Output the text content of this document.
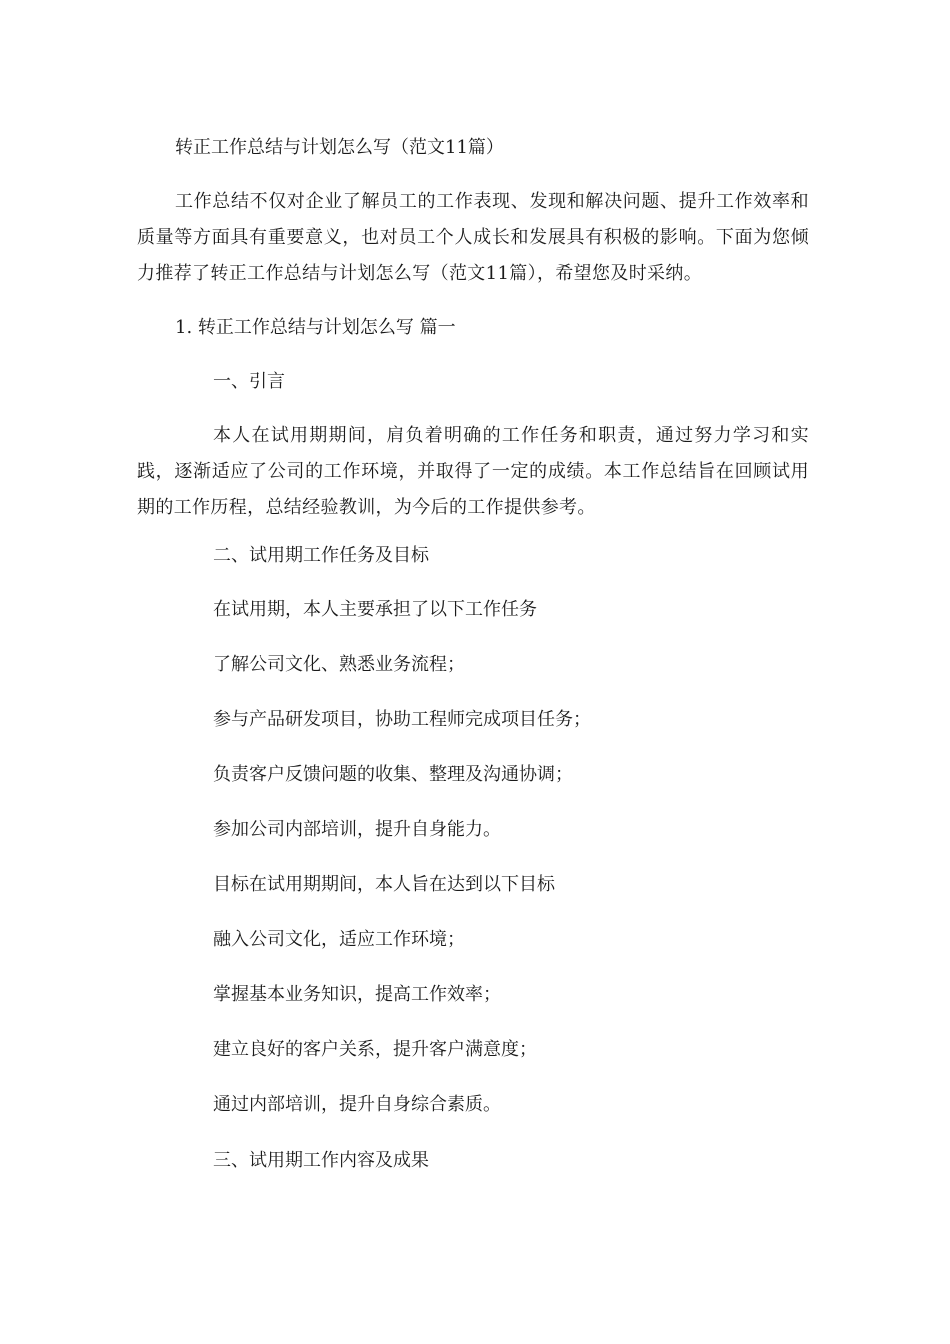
转正工作总结与计划怎么写（范文11篇）

工作总结不仅对企业了解员工的工作表现、发现和解决问题、提升工作效率和质量等方面具有重要意义，也对员工个人成长和发展具有积极的影响。下面为您倾力推荐了转正工作总结与计划怎么写（范文11篇），希望您及时采纳。

1. 转正工作总结与计划怎么写 篇一

一、引言

本人在试用期期间，肩负着明确的工作任务和职责，通过努力学习和实践，逐渐适应了公司的工作环境，并取得了一定的成绩。本工作总结旨在回顾试用期的工作历程，总结经验教训，为今后的工作提供参考。

二、试用期工作任务及目标

在试用期，本人主要承担了以下工作任务

了解公司文化、熟悉业务流程；

参与产品研发项目，协助工程师完成项目任务；

负责客户反馈问题的收集、整理及沟通协调；

参加公司内部培训，提升自身能力。

目标在试用期期间，本人旨在达到以下目标

融入公司文化，适应工作环境；

掌握基本业务知识，提高工作效率；

建立良好的客户关系，提升客户满意度；

通过内部培训，提升自身综合素质。

三、试用期工作内容及成果
